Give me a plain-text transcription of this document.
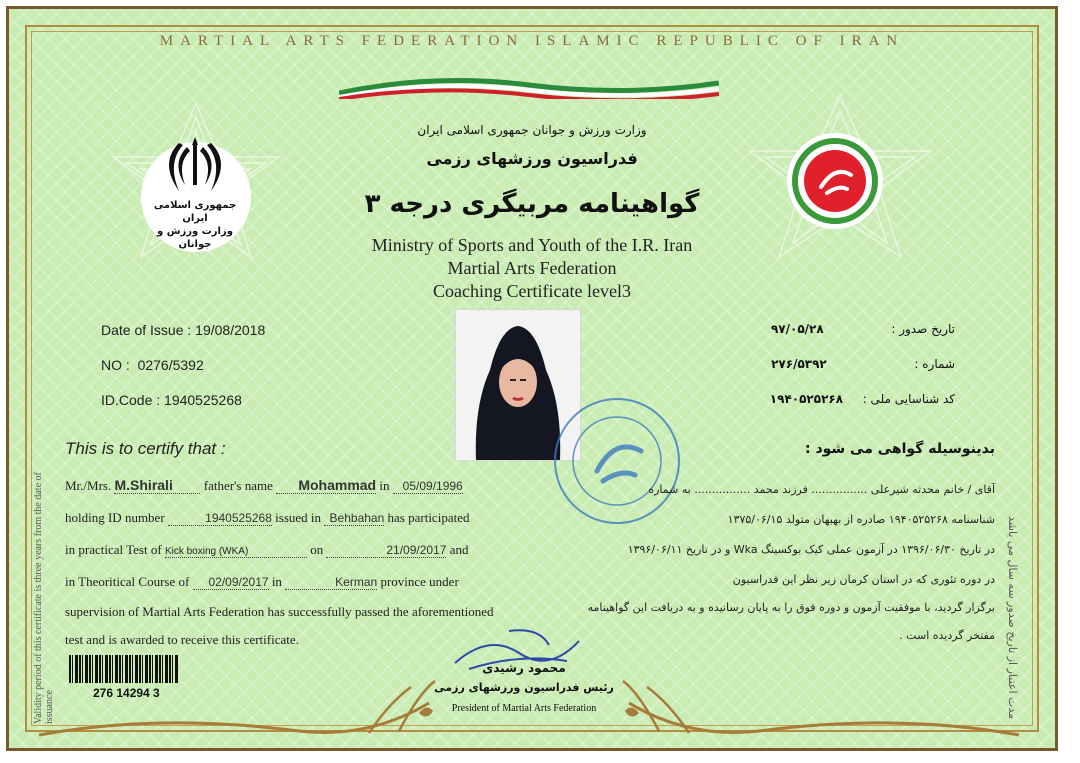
Validity period of this certificate is three years from the date of issuance	مدت اعتبار از تاریخ صدور سه سال می باشد
MARTIAL ARTS FEDERATION ISLAMIC REPUBLIC OF IRAN
جمهوری اسلامی ایران
وزارت ورزش و جوانان
وزارت ورزش و جوانان جمهوری اسلامی ایران
فدراسیون ورزشهای رزمی
گواهینامه مربیگری درجه ۳
Ministry of Sports and Youth of the I.R. Iran
Martial Arts Federation
Coaching Certificate level3
Date of Issue : 19/08/2018
NO : 0276/5392
ID.Code : 1940525268
تاریخ صدور :  ۹۷/۰۵/۲۸
شماره :  ۲۷۶/۵۳۹۲
کد شناسایی ملی :  ۱۹۴۰۵۲۵۲۶۸
This is to certify that :
Mr./Mrs. M.Shirali father's name Mohammad in 05/09/1996
holding ID number	1940525268 issued in Behbahan has participated
in practical Test of Kick boxing (WKA)	on	21/09/2017 and
in Theoritical Course of 02/09/2017 in	Kerman province under
supervision of Martial Arts Federation has successfully passed the aforementioned
test and is awarded to receive this certificate.
بدینوسیله گواهی می شود :
آقای / خانم محدثه شیرعلی ................ فرزند محمد ................ به شماره
شناسنامه ۱۹۴۰۵۲۵۲۶۸ صادره از بهبهان متولد ۱۳۷۵/۰۶/۱۵
در تاریخ ۱۳۹۶/۰۶/۳۰ در آزمون عملی کیک بوکسینگ Wka و در تاریخ ۱۳۹۶/۰۶/۱۱
در دوره تئوری که در استان کرمان زیر نظر این فدراسیون
برگزار گردید، با موفقیت آزمون و دوره فوق را به پایان رسانیده و به دریافت این گواهینامه
مفتخر گردیده است .
محمود رشیدی
رئیس فدراسیون ورزشهای رزمی
President of Martial Arts Federation
276 14294 3
